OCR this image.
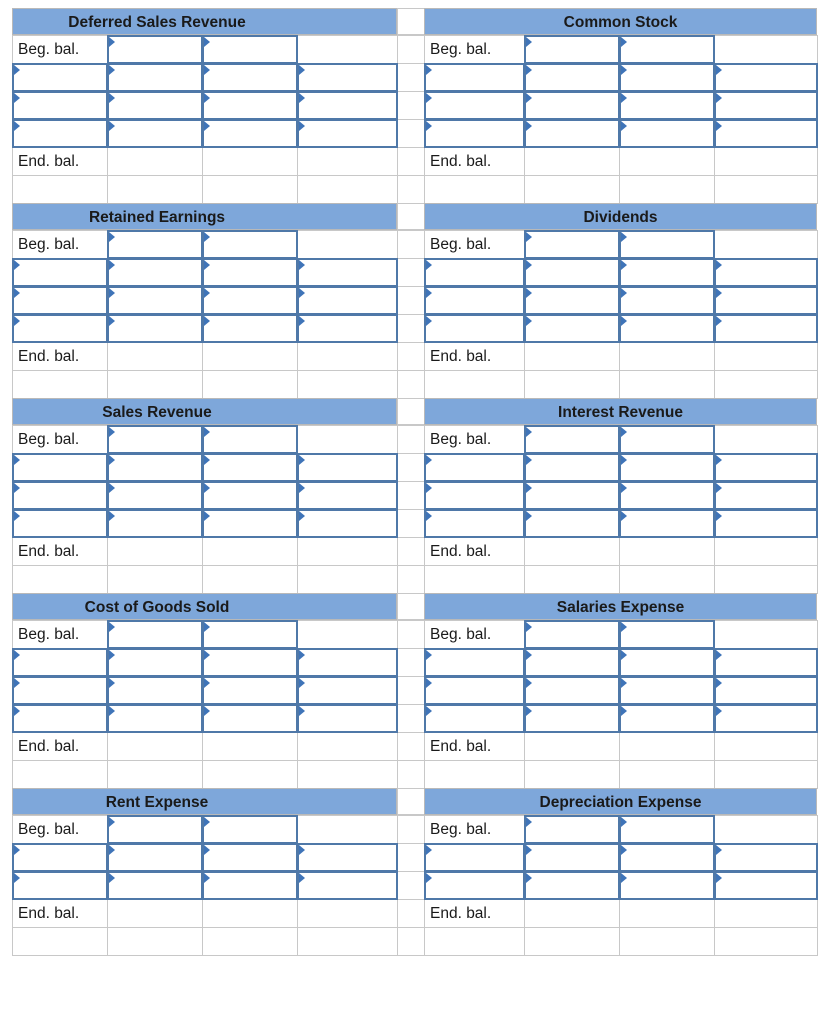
Deferred Sales Revenue	Common Stock
Beg. bal.	Beg. bal.
End. bal.	End. bal.
Retained Earnings	Dividends
Beg. bal.	Beg. bal.
End. bal.	End. bal.
Sales Revenue	Interest Revenue
Beg. bal.	Beg. bal.
End. bal.	End. bal.
Cost of Goods Sold	Salaries Expense
Beg. bal.	Beg. bal.
End. bal.	End. bal.
Rent Expense	Depreciation Expense
Beg. bal.	Beg. bal.
End. bal.	End. bal.
